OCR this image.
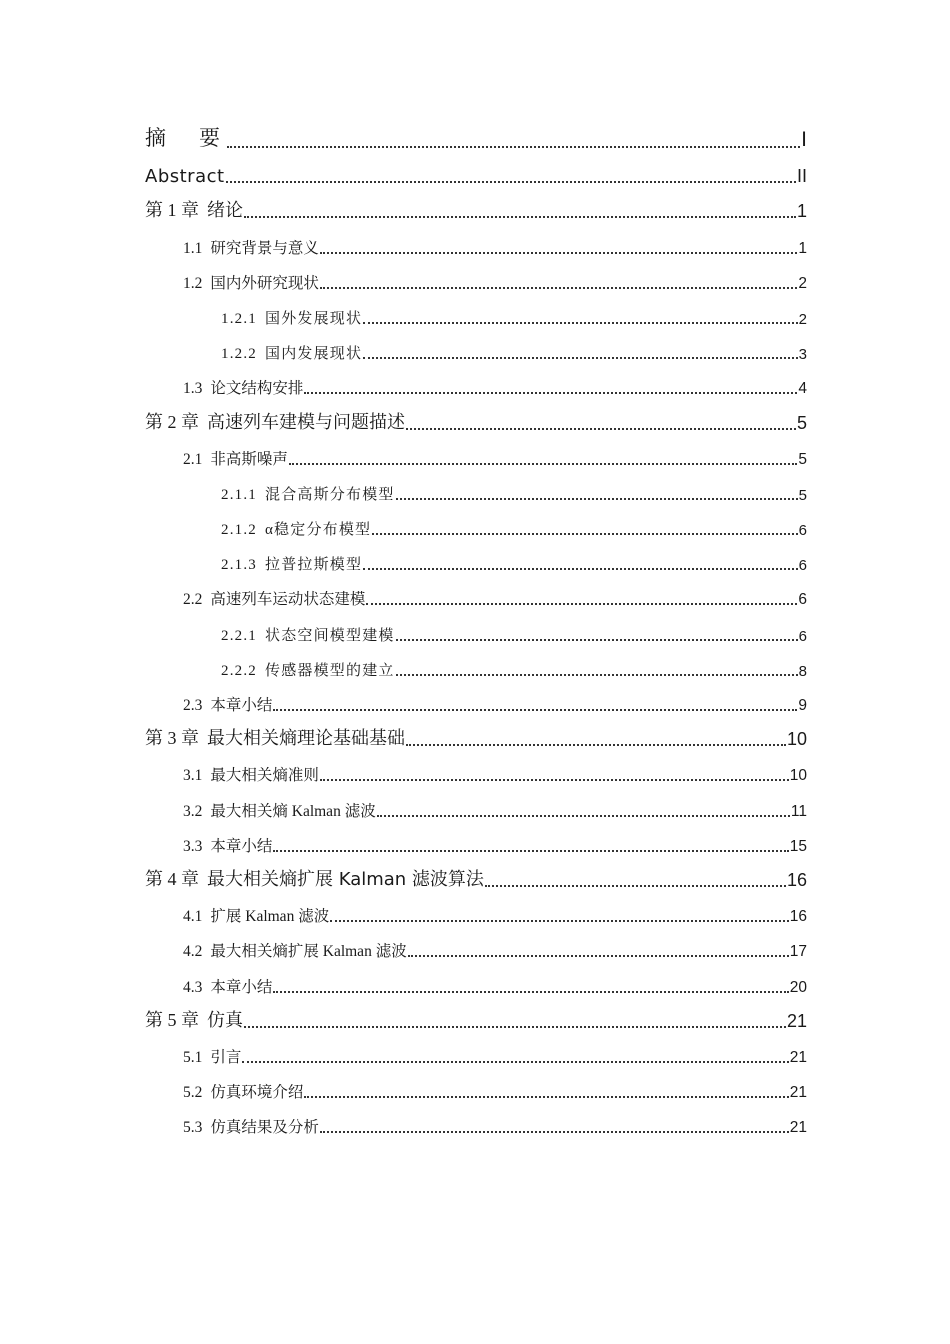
摘　要	I
Abstract	II
第 1 章 绪论	1
1.1 研究背景与意义	1
1.2 国内外研究现状	2
1.2.1 国外发展现状	2
1.2.2 国内发展现状	3
1.3 论文结构安排	4
第 2 章 高速列车建模与问题描述	5
2.1 非高斯噪声	5
2.1.1 混合高斯分布模型	5
2.1.2 α稳定分布模型	6
2.1.3 拉普拉斯模型	6
2.2 高速列车运动状态建模	6
2.2.1 状态空间模型建模	6
2.2.2 传感器模型的建立	8
2.3 本章小结	9
第 3 章 最大相关熵理论基础基础	10
3.1 最大相关熵准则	10
3.2 最大相关熵 Kalman 滤波	11
3.3 本章小结	15
第 4 章 最大相关熵扩展 Kalman 滤波算法	16
4.1 扩展 Kalman 滤波	16
4.2 最大相关熵扩展 Kalman 滤波	17
4.3 本章小结	20
第 5 章 仿真	21
5.1 引言	21
5.2 仿真环境介绍	21
5.3 仿真结果及分析	21
